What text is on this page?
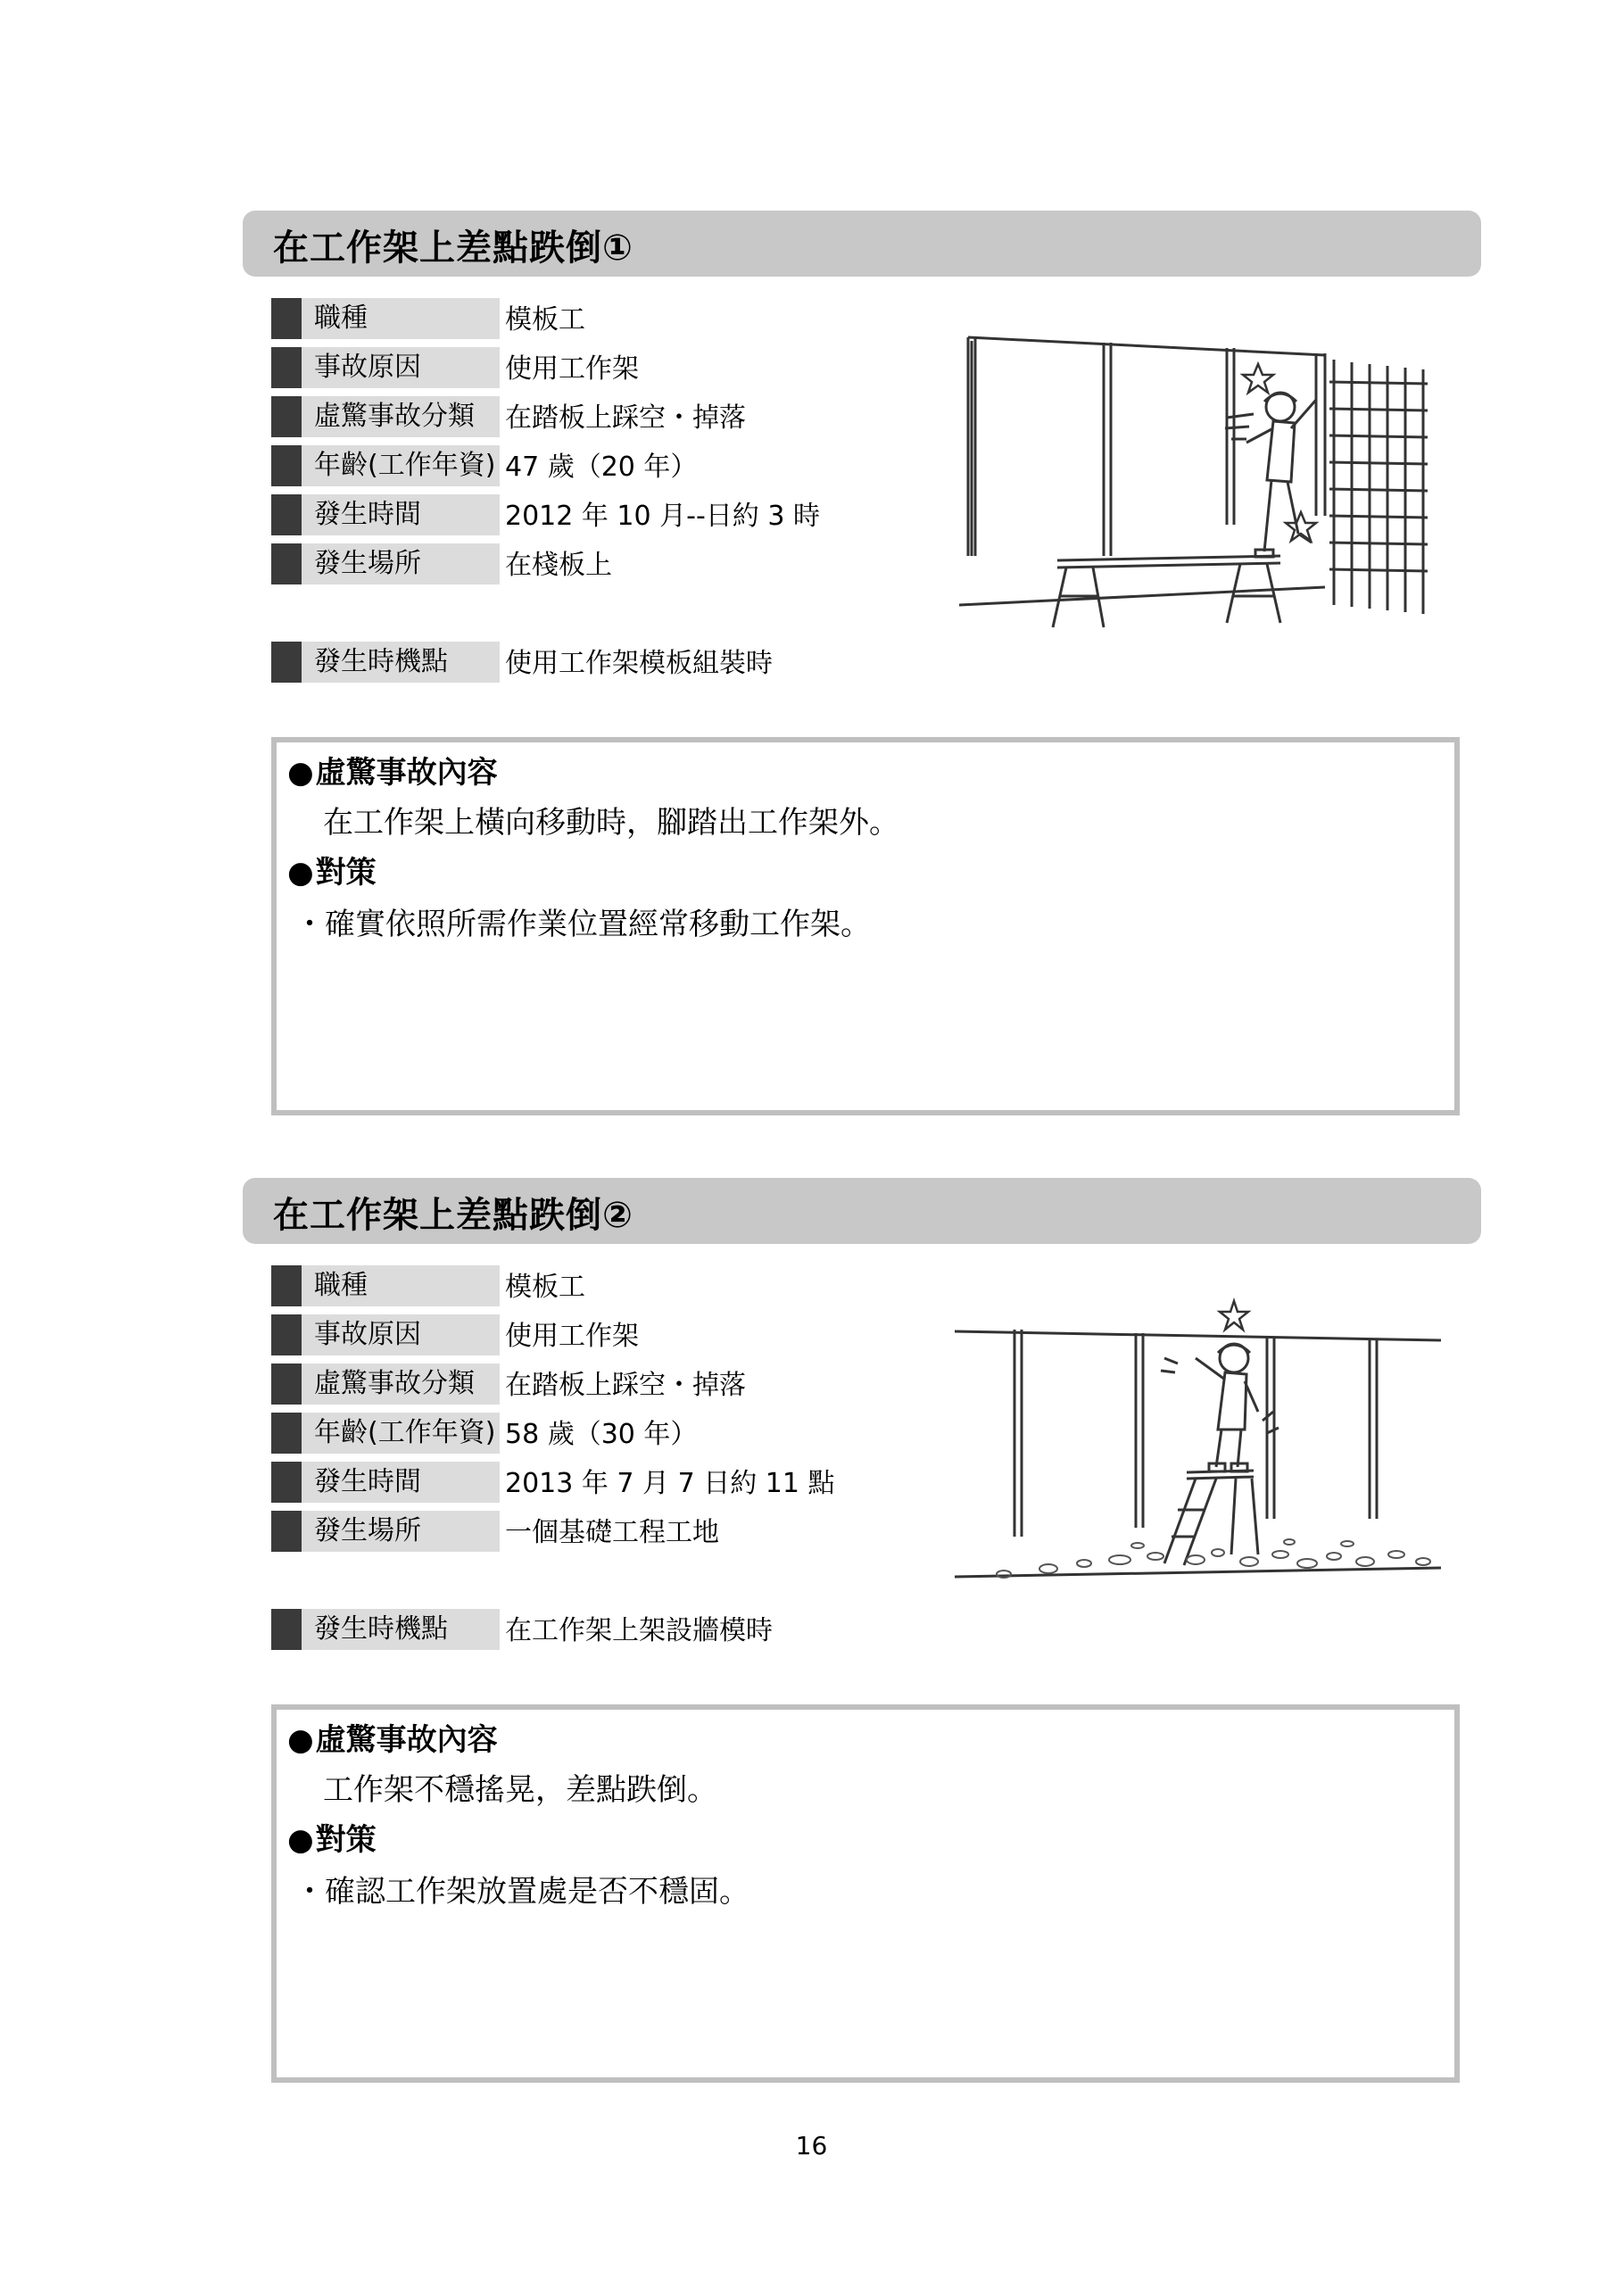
在工作架上差點跌倒①
職種	模板工
事故原因	使用工作架
虛驚事故分類	在踏板上踩空・掉落
年齡(工作年資) 47 歲（20 年）
發生時間	2012 年 10 月--日約 3 時
發生場所	在棧板上
發生時機點	使用工作架模板組裝時
●虛驚事故內容
在工作架上橫向移動時，腳踏出工作架外。
●對策
・確實依照所需作業位置經常移動工作架。
在工作架上差點跌倒②
職種	模板工
事故原因	使用工作架
虛驚事故分類	在踏板上踩空・掉落
年齡(工作年資) 58 歲（30 年）
發生時間	2013 年 7 月 7 日約 11 點
發生場所	一個基礎工程工地
發生時機點	在工作架上架設牆模時
●虛驚事故內容
工作架不穩搖晃，差點跌倒。
●對策
・確認工作架放置處是否不穩固。
16
